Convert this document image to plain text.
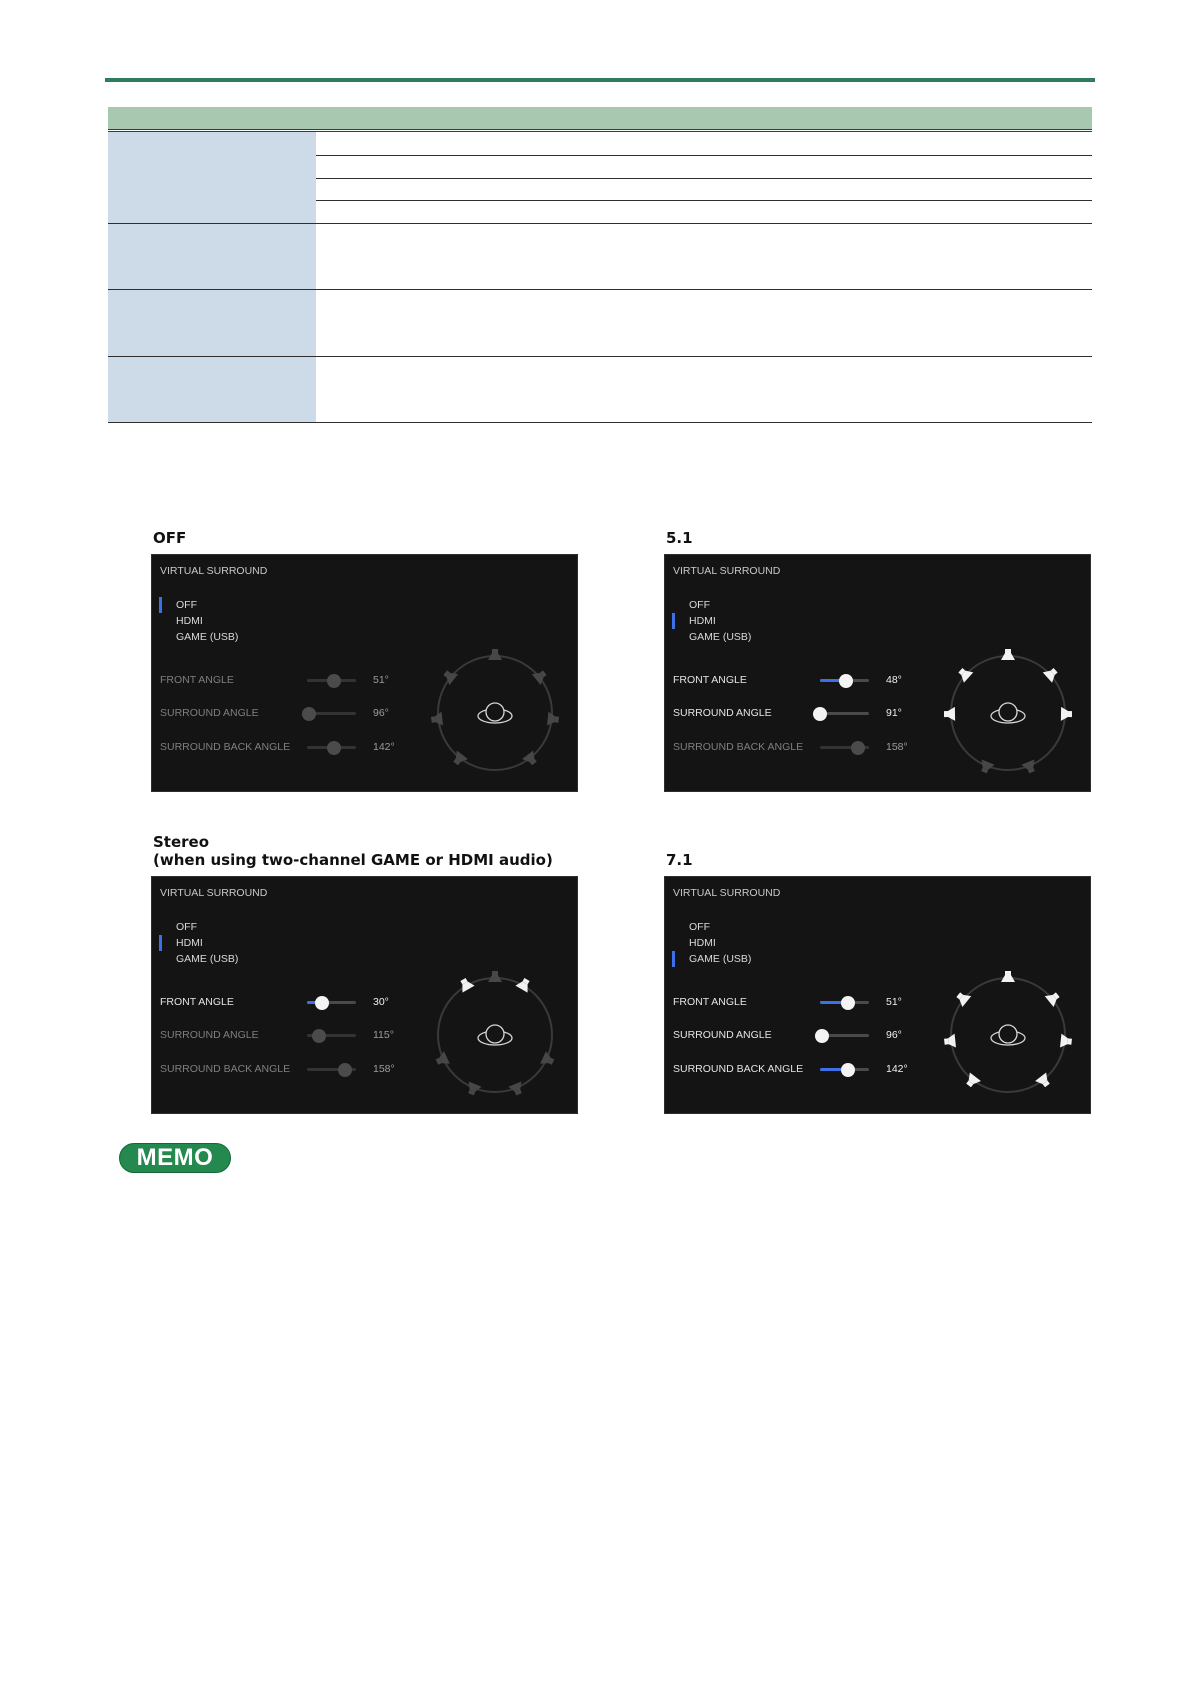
OFF	5.1
Stereo
(when using two-channel GAME or HDMI audio)	7.1
VIRTUAL SURROUND
OFF
HDMI
GAME (USB)
FRONT ANGLE	51°
SURROUND ANGLE	96°
SURROUND BACK ANGLE	142°
VIRTUAL SURROUND
OFF
HDMI
GAME (USB)
FRONT ANGLE	48°
SURROUND ANGLE	91°
SURROUND BACK ANGLE	158°
VIRTUAL SURROUND
OFF
HDMI
GAME (USB)
FRONT ANGLE	30°
SURROUND ANGLE	115°
SURROUND BACK ANGLE	158°
VIRTUAL SURROUND
OFF
HDMI
GAME (USB)
FRONT ANGLE	51°
SURROUND ANGLE	96°
SURROUND BACK ANGLE	142°
MEMO
